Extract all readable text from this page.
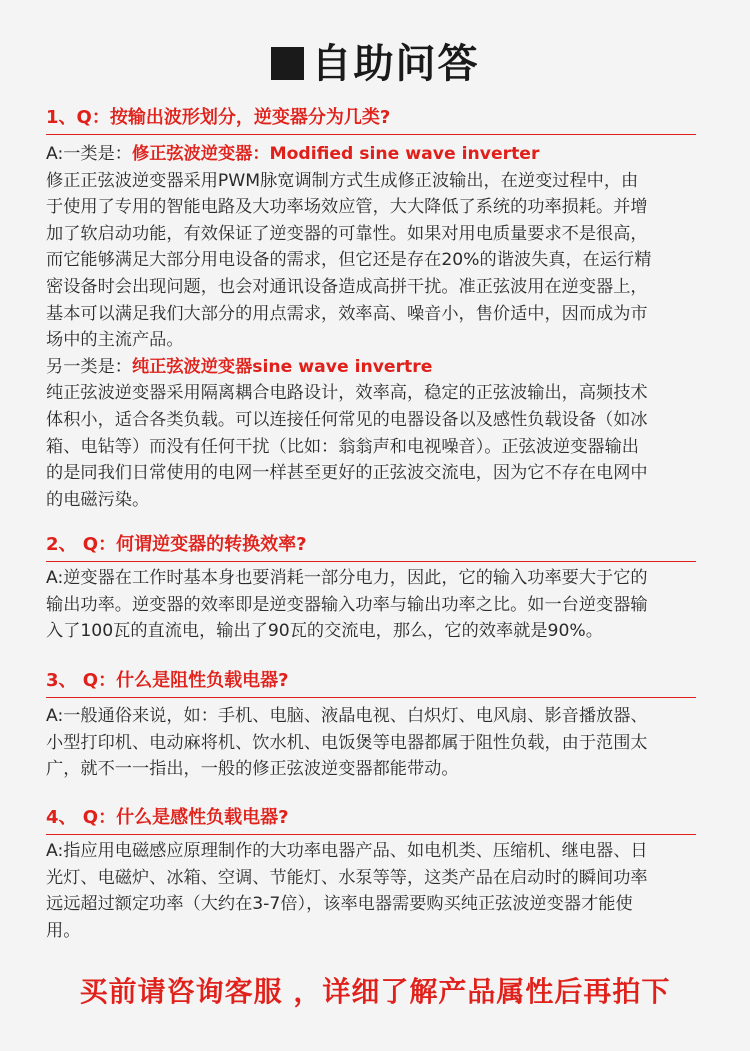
自助问答
1、Q：按输出波形划分，逆变器分为几类?
A:一类是：修正弦波逆变器：Modified sine wave inverter
修正正弦波逆变器采用PWM脉宽调制方式生成修正波输出，在逆变过程中，由
于使用了专用的智能电路及大功率场效应管，大大降低了系统的功率损耗。并增
加了软启动功能，有效保证了逆变器的可靠性。如果对用电质量要求不是很高，
而它能够满足大部分用电设备的需求，但它还是存在20%的谐波失真，在运行精
密设备时会出现问题，也会对通讯设备造成高拼干扰。准正弦波用在逆变器上，
基本可以满足我们大部分的用点需求，效率高、噪音小，售价适中，因而成为市
场中的主流产品。
另一类是：纯正弦波逆变器sine wave invertre
纯正弦波逆变器采用隔离耦合电路设计，效率高，稳定的正弦波输出，高频技术
体积小，适合各类负载。可以连接任何常见的电器设备以及感性负载设备（如冰
箱、电钻等）而没有任何干扰（比如：翁翁声和电视噪音）。正弦波逆变器输出
的是同我们日常使用的电网一样甚至更好的正弦波交流电，因为它不存在电网中
的电磁污染。
2、 Q：何谓逆变器的转换效率?
A:逆变器在工作时基本身也要消耗一部分电力，因此，它的输入功率要大于它的
输出功率。逆变器的效率即是逆变器输入功率与输出功率之比。如一台逆变器输
入了100瓦的直流电，输出了90瓦的交流电，那么，它的效率就是90%。
3、 Q：什么是阻性负载电器?
A:一般通俗来说，如：手机、电脑、液晶电视、白炽灯、电风扇、影音播放器、
小型打印机、电动麻将机、饮水机、电饭煲等电器都属于阻性负载，由于范围太
广，就不一一指出，一般的修正弦波逆变器都能带动。
4、 Q：什么是感性负载电器?
A:指应用电磁感应原理制作的大功率电器产品、如电机类、压缩机、继电器、日
光灯、电磁炉、冰箱、空调、节能灯、水泵等等，这类产品在启动时的瞬间功率
远远超过额定功率（大约在3-7倍），该率电器需要购买纯正弦波逆变器才能使
用。
买前请咨询客服 ，详细了解产品属性后再拍下
